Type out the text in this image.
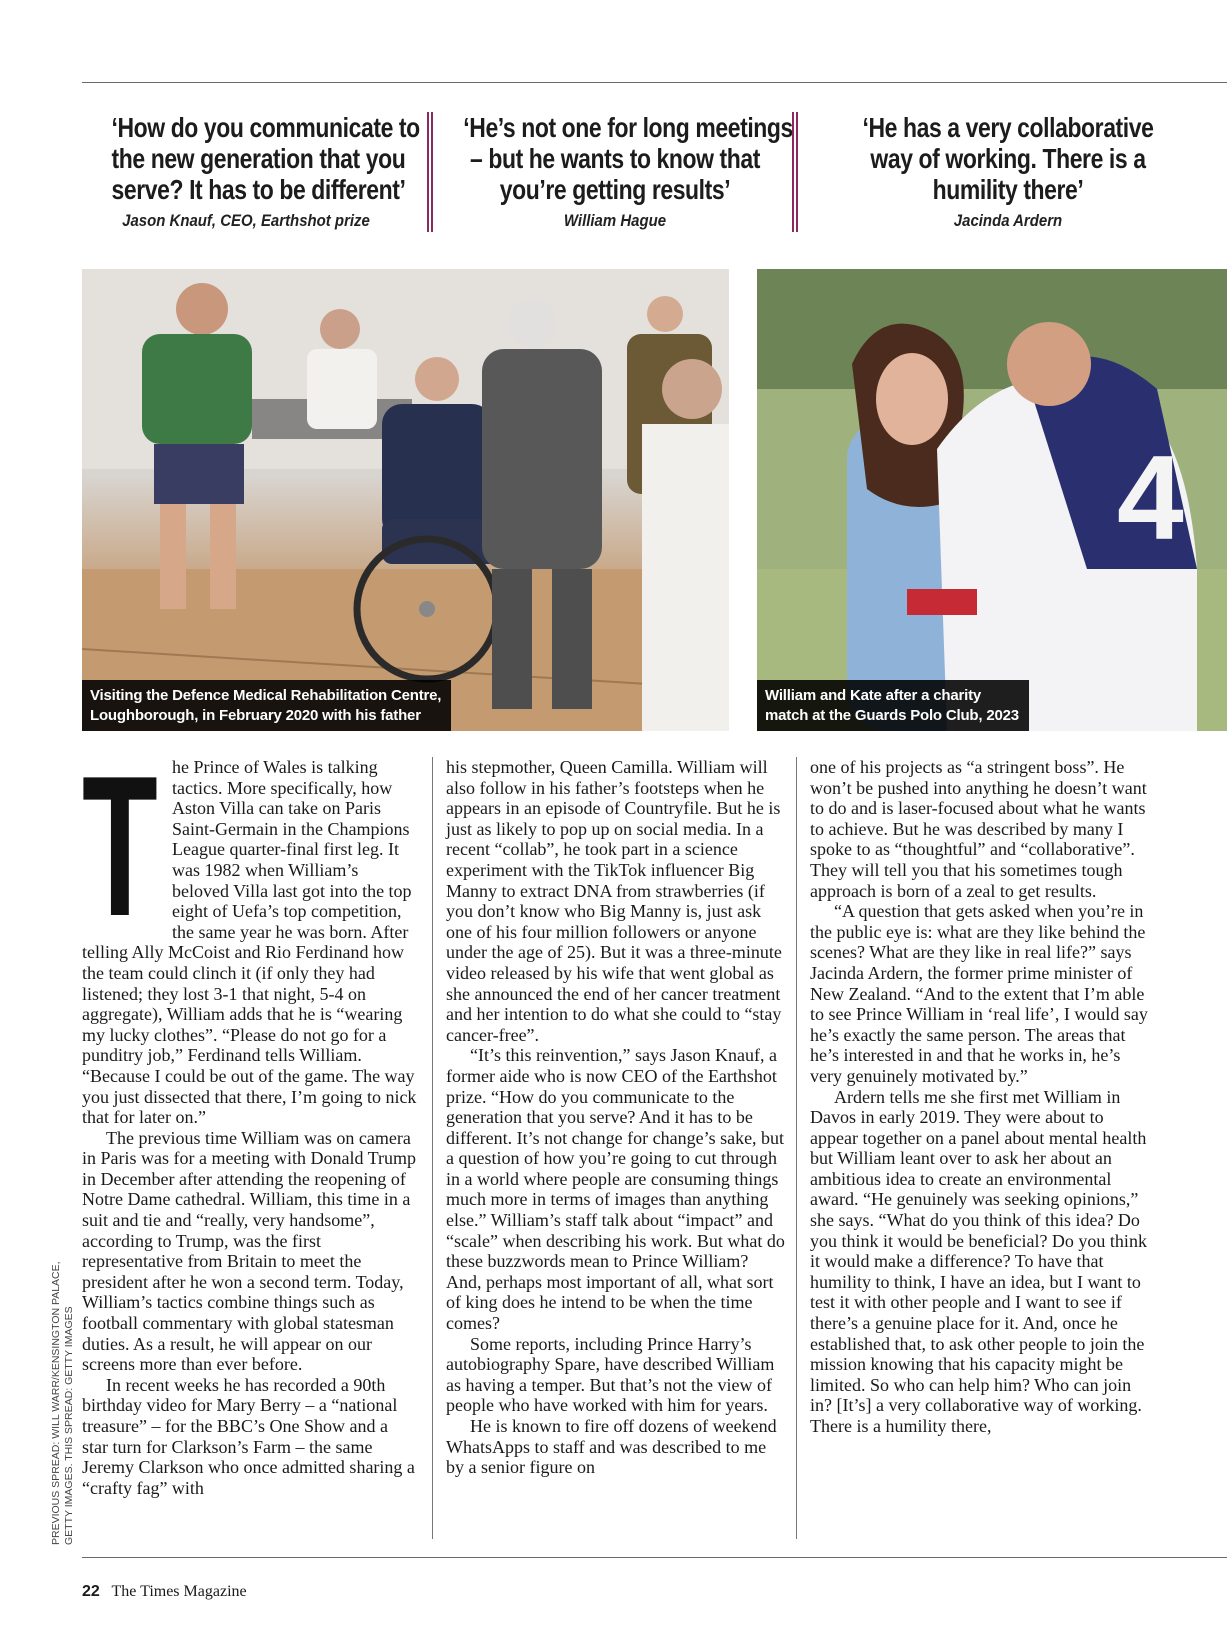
‘How do you communicate to
the new generation that you
serve? It has to be different’
Jason Knauf, CEO, Earthshot prize
‘He’s not one for long meetings
– but he wants to know that
you’re getting results’
William Hague
‘He has a very collaborative
way of working. There is a
humility there’
Jacinda Ardern
Visiting the Defence Medical Rehabilitation Centre,
Loughborough, in February 2020 with his father
4
William and Kate after a charity
match at the Guards Polo Club, 2023
T he Prince of Wales is talking tactics. More specifically, how Aston Villa can take on Paris Saint-Germain in the Champions League quarter-final first leg. It was 1982 when William’s beloved Villa last got into the top eight of Uefa’s top competition, the same year he was born. After telling Ally McCoist and Rio Ferdinand how the team could clinch it (if only they had listened; they lost 3-1 that night, 5-4 on aggregate), William adds that he is “wearing my lucky clothes”. “Please do not go for a punditry job,” Ferdinand tells William. “Because I could be out of the game. The way you just dissected that there, I’m going to nick that for later on.”

The previous time William was on camera in Paris was for a meeting with Donald Trump in December after attending the reopening of Notre Dame cathedral. William, this time in a suit and tie and “really, very handsome”, according to Trump, was the first representative from Britain to meet the president after he won a second term. Today, William’s tactics combine things such as football commentary with global statesman duties. As a result, he will appear on our screens more than ever before.

In recent weeks he has recorded a 90th birthday video for Mary Berry – a “national treasure” – for the BBC’s One Show and a star turn for Clarkson’s Farm – the same Jeremy Clarkson who once admitted sharing a “crafty fag” with

his stepmother, Queen Camilla. William will also follow in his father’s footsteps when he appears in an episode of Countryfile. But he is just as likely to pop up on social media. In a recent “collab”, he took part in a science experiment with the TikTok influencer Big Manny to extract DNA from strawberries (if you don’t know who Big Manny is, just ask one of his four million followers or anyone under the age of 25). But it was a three-minute video released by his wife that went global as she announced the end of her cancer treatment and her intention to do what she could to “stay cancer-free”.

“It’s this reinvention,” says Jason Knauf, a former aide who is now CEO of the Earthshot prize. “How do you communicate to the generation that you serve? And it has to be different. It’s not change for change’s sake, but a question of how you’re going to cut through in a world where people are consuming things much more in terms of images than anything else.” William’s staff talk about “impact” and “scale” when describing his work. But what do these buzzwords mean to Prince William? And, perhaps most important of all, what sort of king does he intend to be when the time comes?

Some reports, including Prince Harry’s autobiography Spare, have described William as having a temper. But that’s not the view of people who have worked with him for years.

He is known to fire off dozens of weekend WhatsApps to staff and was described to me by a senior figure on

one of his projects as “a stringent boss”. He won’t be pushed into anything he doesn’t want to do and is laser-focused about what he wants to achieve. But he was described by many I spoke to as “thoughtful” and “collaborative”. They will tell you that his sometimes tough approach is born of a zeal to get results.

“A question that gets asked when you’re in the public eye is: what are they like behind the scenes? What are they like in real life?” says Jacinda Ardern, the former prime minister of New Zealand. “And to the extent that I’m able to see Prince William in ‘real life’, I would say he’s exactly the same person. The areas that he’s interested in and that he works in, he’s very genuinely motivated by.”

Ardern tells me she first met William in Davos in early 2019. They were about to appear together on a panel about mental health but William leant over to ask her about an ambitious idea to create an environmental award. “He genuinely was seeking opinions,” she says. “What do you think of this idea? Do you think it would be beneficial? Do you think it would make a difference? To have that humility to think, I have an idea, but I want to test it with other people and I want to see if there’s a genuine place for it. And, once he established that, to ask other people to join the mission knowing that his capacity might be limited. So who can help him? Who can join in? [It’s] a very collaborative way of working. There is a humility there,

PREVIOUS SPREAD: WILL WARR/KENSINGTON PALACE, GETTY IMAGES. THIS SPREAD: GETTY IMAGES
22 The Times Magazine
